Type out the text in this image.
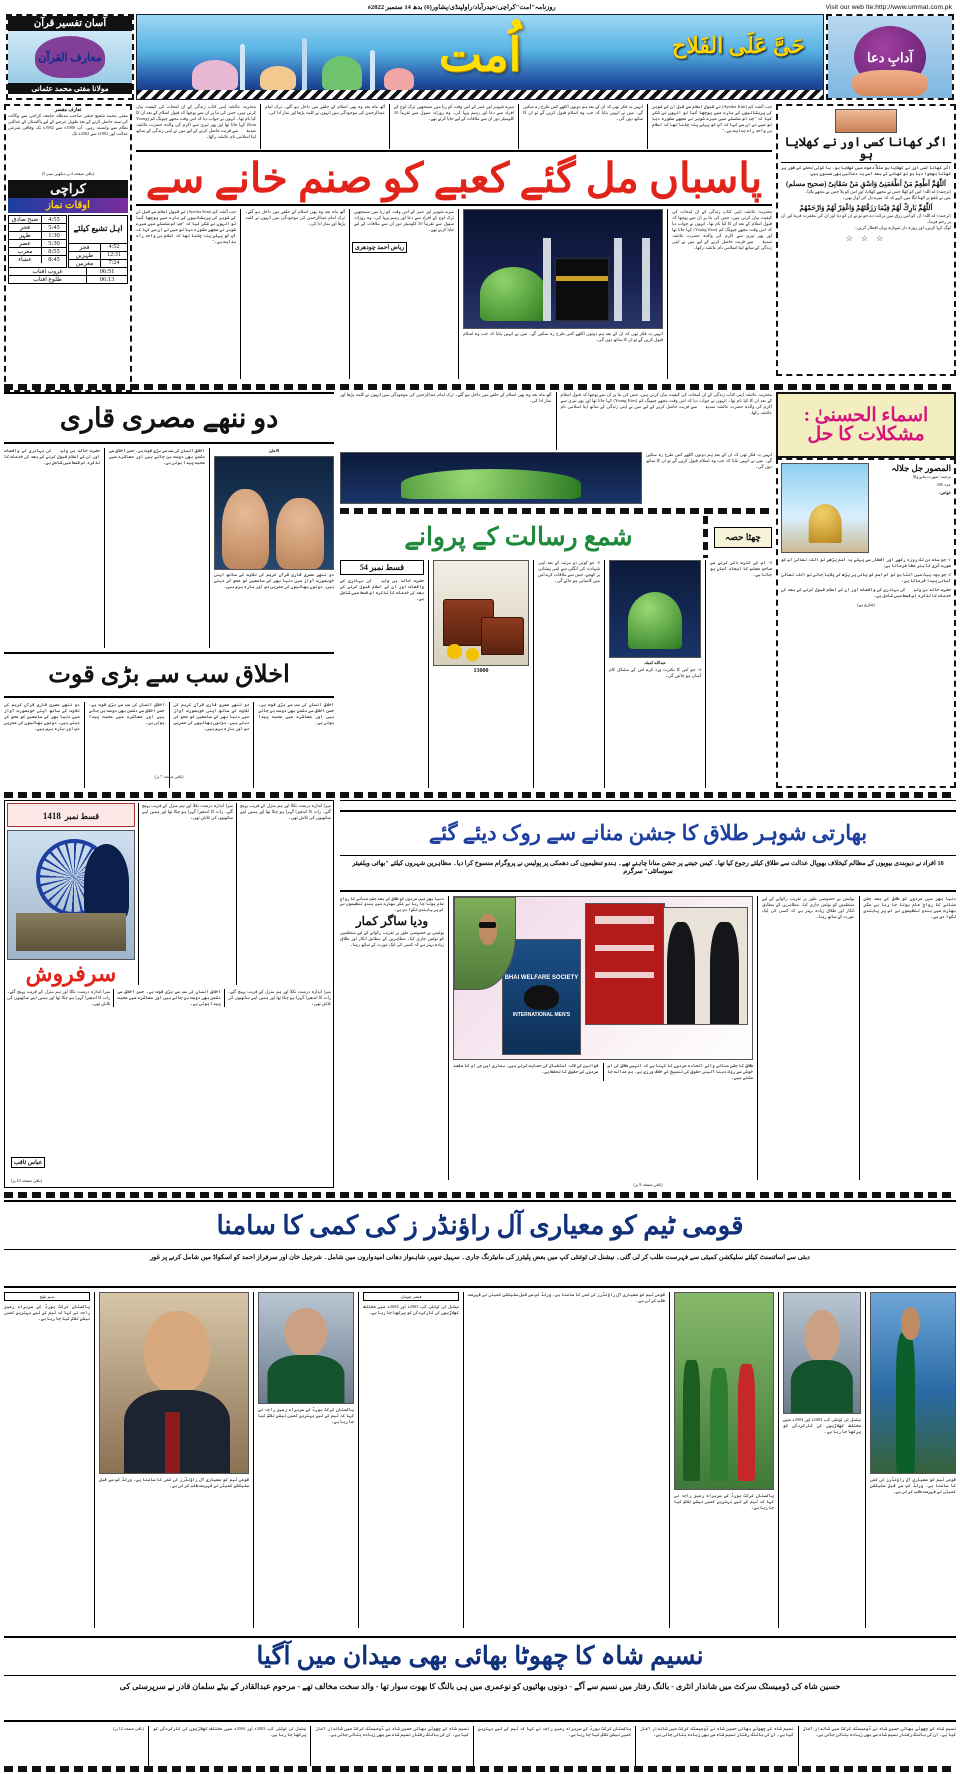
Visit our web Ite:http://www.ummat.com.pk
روزنامہ"امت"کراچی/حیدرآباد/راولپنڈی/پشاور(6) بدھ 14 ستمبر 2022ء
آدابِ دعا
حَیَّ عَلَی الفَلاح
اُمت
آسان تفسیر قرآن
معارف القرآن
مولانا مفتی محمد عثمانی
تعارف مفسر
مفتی محمد شفیع حنفی صاحب مدظلہ جامعہ کراچی سے وکالت کی سند حاصل کرنے کے بعد طویل عرصے کے لیے پاکستان کے عدالتی نظام سے وابستہ رہے۔ آپ 1980ء سے 1982ء تک وفاقی شرعی عدالت اور 1982ء سے 2002ء تک
(باقی صفحہ 4 پر دیکھیں نمبر 5)
کراچی
اوقات نماز
اہل تشیع کیلئے
4:52
فجر
12:31
ظہرین
7:24
مغربین
4:55
صبح صادق
5:45
فجر
1:30
ظہر
5:30
عصر
8:55
مغرب
8:45
عشاء
06:51
غروب آفتاب
06:13
طلوع آفتاب
اگر کھانا کسی اور نے کھلایا ہو
اگر کھانا کسی اور نے کھلایا ہو مثلاً دعوت میں کھلایا ہو، یا کوئی تحفے کے طور پر کھانا بھجوا دیا ہو تو کھانے کے بعد اسے یہ دعائیں بھی مسنون ہیں:
اَللّٰهُمَّ اَطْعِمْ مَنْ اَطْعَمَنِیْ وَاسْقِ مَنْ سَقَانِیْ (صحیح مسلم)
(ترجمہ) اے اللہ! اس کو کھلا جس نے مجھے کھلایا، اور اس کو پلا جس نے مجھے پلایا۔
میں نے بلقع پر اٹھنا لگا میں کہے کہ کہ میرے دل کی آواز بھی۔
اَللّٰهُمَّ بَارِكْ لَهُمْ فِيْمَا رَزَقْتَهُمْ وَاغْفِرْ لَهُمْ وَارْحَمْهُمْ
(ترجمہ) اے اللہ! ان کو اس رزق میں برکت دے جو تو نے ان کو دیا اور ان کی مغفرت فرما اور ان پر رحم فرما۔
لوگ کہا کریں، اور روزہ دار تمہارے یہاں افطار کریں۔
☆ ☆ ☆
جب آئشہ کم (Ayesha Kim) نے قبول اسلام سے قبل ان کے شوہر کی پریشانیوں کے بارے میں پوچھا گیا تو انہوں نے شکر کیا کہ "جب اس سلسلے میں میرے شوہر نے مجھے مشورہ دیا تو میں نے ان سے کہا کہ آپ کو پہلے پتہ چلنا تھا کہ اسلام ہی واحد راہ ہدایت ہے۔"
انہیں یہ فکر تھی کہ ان کے بعد ہم دونوں اکٹھے کس طرح رہ سکیں گے۔ میں نے انہیں بتایا کہ جب وہ اسلام قبول کریں گے تو ان کا ساتھ دوں گی۔
میرے شوہر اور عمر کے اس وقت کو ریا میں سمجھیں ترک لوح کے افراد سے دعا اور رسم پیہا کی۔ وہ روزانہ سیول سے تقریباً 20 کلومیٹر دور ان سے ملاقات کے لیے جایا کرتے تھے۔
آٹھ ماہ بعد وہ بھی اسلام کے حلقے میں داخل ہو گئے۔ ترک امام عبدالرحمن کی موجودگی میں انہوں نے کلمہ پڑھا اور نماز ادا کی۔
محترمہ عائشہ اپنی کتاب زندگی کے ان لمحات کی کیفیت بیان کرتی ہیں، جس کی بنا پر ان سے پوچھا کہ قبول اسلام کے بعد ان کا کیا نام تھا۔ انہوں نے جواب دیا کہ اس وقت مجھے چیونگ کم (Yoong Kim) کہا جاتا تھا اور پھر تیزی سے اکرم کی والدہ حضرت عائشہ صدیقہؓ سے قربت حاصل کرنے کے لیے میں نے اپنی زندگی کے ساتھ اپنا اسلامی نام عائشہ رکھا۔
پاسباں مل گئے کعبے کو صنم خانے سے
محترمہ عائشہ اپنی کتاب زندگی کے ان لمحات کی کیفیت بیان کرتی ہیں، جس کی بنا پر ان سے پوچھا کہ قبول اسلام کے بعد ان کا کیا نام تھا۔ انہوں نے جواب دیا کہ اس وقت مجھے چیونگ کم (Yoong Kim) کہا جاتا تھا اور پھر تیزی سے اکرم کی والدہ حضرت عائشہ صدیقہؓ سے قربت حاصل کرنے کے لیے میں نے اپنی زندگی کے ساتھ اپنا اسلامی نام عائشہ رکھا۔
انہیں یہ فکر تھی کہ ان کے بعد ہم دونوں اکٹھے کس طرح رہ سکیں گے۔ میں نے انہیں بتایا کہ جب وہ اسلام قبول کریں گے تو ان کا ساتھ دوں گی۔
میرے شوہر اور عمر کے اس وقت کو ریا میں سمجھیں ترک لوح کے افراد سے دعا اور رسم پیہا کی۔ وہ روزانہ سیول سے تقریباً 20 کلومیٹر دور ان سے ملاقات کے لیے جایا کرتے تھے۔
آٹھ ماہ بعد وہ بھی اسلام کے حلقے میں داخل ہو گئے۔ ترک امام عبدالرحمن کی موجودگی میں انہوں نے کلمہ پڑھا اور نماز ادا کی۔
جب آئشہ کم (Ayesha Kim) نے قبول اسلام سے قبل ان کے شوہر کی پریشانیوں کے بارے میں پوچھا گیا تو انہوں نے شکر کیا کہ "جب اس سلسلے میں میرے شوہر نے مجھے مشورہ دیا تو میں نے ان سے کہا کہ آپ کو پہلے پتہ چلنا تھا کہ اسلام ہی واحد راہ ہدایت ہے۔"
ریاض احمد چودھری
اسماء الحسنیٰ : مشکلات کا حل
المصور جل جلالہ
ترجمہ: صورت بنانے والا
عدد: 336
خواص:
1- جو سات دن تک روزہ رکھے اور افطار سے پہلے یہ اسم پڑھے تو اللہ تعالیٰ اس کو صورت گری کا ہنر عطا فرماتا ہے۔
2- جو بچہ پیٹ میں الٹا ہو تو اس اسم کو پانی پر پڑھ کر پلایا جائے تو اللہ تعالیٰ آسانی پیدا فرماتا ہے۔
حضرت خالد بن ولیدؓ کی بہادری کے واقعات اور ان کے اسلام قبول کرنے کے بعد کی خدمات کا تذکرہ اس قسط میں شامل ہے۔
(جاری ہے)
دو ننھے مصری قاری
الاعلیٰ
دو ننھے مصری قاری قرآن کریم کی تلاوت کے ساتھ اپنی خوبصورت آواز میں دنیا بھر کے سامعین کو محو کر دیتے ہیں۔ دونوں بھائیوں کی عمریں دس اور بارہ برس ہیں۔
اخلاق انسان کی سب سے بڑی قوت ہے۔ حسن اخلاق سے دشمن بھی دوست بن جاتے ہیں اور معاشرے میں محبت پیدا ہوتی ہے۔
حضرت خالد بن ولیدؓ کی بہادری کے واقعات اور ان کے اسلام قبول کرنے کے بعد کی خدمات کا تذکرہ اس قسط میں شامل ہے۔
محترمہ عائشہ اپنی کتاب زندگی کے ان لمحات کی کیفیت بیان کرتی ہیں، جس کی بنا پر ان سے پوچھا کہ قبول اسلام کے بعد ان کا کیا نام تھا۔ انہوں نے جواب دیا کہ اس وقت مجھے چیونگ کم (Yoong Kim) کہا جاتا تھا اور پھر تیزی سے اکرم کی والدہ حضرت عائشہ صدیقہؓ سے قربت حاصل کرنے کے لیے میں نے اپنی زندگی کے ساتھ اپنا اسلامی نام عائشہ رکھا۔
آٹھ ماہ بعد وہ بھی اسلام کے حلقے میں داخل ہو گئے۔ ترک امام عبدالرحمن کی موجودگی میں انہوں نے کلمہ پڑھا اور نماز ادا کی۔
انہیں یہ فکر تھی کہ ان کے بعد ہم دونوں اکٹھے کس طرح رہ سکیں گے۔ میں نے انہیں بتایا کہ جب وہ اسلام قبول کریں گے تو ان کا ساتھ دوں گی۔
چھٹا حصہ
شمع رسالت کے پروانے
3- اس کے کثرت ذکر کرنے سے صاحبِ مجلس کا ایجاد آسان ہو جاتا ہے۔
عبدالله کمبلہ
4- جو اس کا بکثرت ورد کرے اس کے مشکل کام آسان ہو جائیں گی۔
5- جو کوئی دو مرتبہ کے بعد اپنی شہادت کی انگلی سے اپنی پیشانی پر کھجے، جس سے ملاقات کرے اس میں کامیابی ہو جائے گی۔
13000
قسط نمبر 54
حضرت خالد بن ولیدؓ کی بہادری کے واقعات اور ان کے اسلام قبول کرنے کے بعد کی خدمات کا تذکرہ اس قسط میں شامل ہے۔
اخلاق سب سے بڑی قوت
اخلاق انسان کی سب سے بڑی قوت ہے۔ حسن اخلاق سے دشمن بھی دوست بن جاتے ہیں اور معاشرے میں محبت پیدا ہوتی ہے۔
دو ننھے مصری قاری قرآن کریم کی تلاوت کے ساتھ اپنی خوبصورت آواز میں دنیا بھر کے سامعین کو محو کر دیتے ہیں۔ دونوں بھائیوں کی عمریں دس اور بارہ برس ہیں۔
اخلاق انسان کی سب سے بڑی قوت ہے۔ حسن اخلاق سے دشمن بھی دوست بن جاتے ہیں اور معاشرے میں محبت پیدا ہوتی ہے۔
دو ننھے مصری قاری قرآن کریم کی تلاوت کے ساتھ اپنی خوبصورت آواز میں دنیا بھر کے سامعین کو محو کر دیتے ہیں۔ دونوں بھائیوں کی عمریں دس اور بارہ برس ہیں۔
(باقی صفحہ 7 پر)
بھارتی شوہر طلاق کا جشن منانے سے روک دیئے گئے
18 افراد نے دیوبندی بیویوں کے مظالم کیخلاف بھوپال عدالت سے طلاق کیلئے رجوع کیا تھا۔ کیس جیتنے پر جشن منانا چاہتے تھے۔ ہندو تنظیموں کی دھمکی پر پولیس نے پروگرام منسوخ کرا دیا۔ مظاہرین شہروں کیلئے "بھائی ویلفیئر سوسائٹی" سرگرم
دنیا بھر میں مردوں کو طلاق کے بعد جشن منانے کا رواج عام ہوتا جا رہا ہے مگر بھارت میں ہندو تنظیموں نے اس پر پابندی لگوا دی ہے۔
پولیس نے خصوصی طور پر تقریب رکوانے کے لیے منتظمین کو نوٹس جاری کیا۔ مظاہرین کے مطابق انکار اور طلاق زیادہ بہتر ہے کہ کسی کی ایک عورت کے ساتھ رہنا۔
BHAI WELFARE SOCIETY
INTERNATIONAL MEN'S
طلاق کا جشن منانے والے الحادہ مردوں کا کہنا ہے کہ انہیں طلاق کی اس خوشی سے روک دینا آئینی حقوق کی تنسیخ کے خلاف ورزی ہے۔ ہم عدالت جا سکتے ہیں۔
قوانین کے لالہ استقبال کی حمایت کرتے ہیں۔ ہماری این جی او کا مقصد مردوں کے حقوق کا تحفظ ہے۔
دنیا بھر میں مردوں کو طلاق کے بعد جشن منانے کا رواج عام ہوتا جا رہا ہے مگر بھارت میں ہندو تنظیموں نے اس پر پابندی لگوا دی ہے۔
ودیا ساگر کمار
پولیس نے خصوصی طور پر تقریب رکوانے کے لیے منتظمین کو نوٹس جاری کیا۔ مظاہرین کے مطابق انکار اور طلاق زیادہ بہتر ہے کہ کسی کی ایک عورت کے ساتھ رہنا۔
(باقی صفحہ 9 پر)
میرا اندازہ درست نکلا اور ہم منزل کے قریب پہنچ گئے۔ رات کا اندھیرا گہرا ہو چکا تھا اور ہمیں اپنے ساتھیوں کی تلاش تھی۔
میرا اندازہ درست نکلا اور ہم منزل کے قریب پہنچ گئے۔ رات کا اندھیرا گہرا ہو چکا تھا اور ہمیں اپنے ساتھیوں کی تلاش تھی۔
قسط نمبر 1418
سرفروش
میرا اندازہ درست نکلا اور ہم منزل کے قریب پہنچ گئے۔ رات کا اندھیرا گہرا ہو چکا تھا اور ہمیں اپنے ساتھیوں کی تلاش تھی۔
اخلاق انسان کی سب سے بڑی قوت ہے۔ حسن اخلاق سے دشمن بھی دوست بن جاتے ہیں اور معاشرے میں محبت پیدا ہوتی ہے۔
میرا اندازہ درست نکلا اور ہم منزل کے قریب پہنچ گئے۔ رات کا اندھیرا گہرا ہو چکا تھا اور ہمیں اپنے ساتھیوں کی تلاش تھی۔
عباس ثاقب
(باقی صفحہ 10 پر)
قومی ٹیم کو معیاری آل راؤنڈر ز کی کمی کا سامنا
دبئی سے اسائنمنٹ کیلئے سلیکشن کمیٹی سے فہرست طلب کر لی گئی۔ نیشنل ٹی ٹوئنٹی کپ میں بعض پلیئرز کی مانیٹرنگ جاری۔ سہیل تنویر، شاہنواز دھانی امیدواروں میں شامل۔ شرجیل خان اور سرفراز احمد کو اسکواڈ میں شامل کرنے پر غور
قومی ٹیم کو معیاری آل راؤنڈرز کی کمی کا سامنا ہے۔ ورلڈ کپ سے قبل سلیکشن کمیٹی نے فہرست طلب کر لی ہے۔
نیشنل ٹی ٹوئنٹی کپ 2003ء اور 2004ء میں مختلف کھلاڑیوں کی کارکردگی کو پرکھا جا رہا ہے۔
پاکستان کرکٹ بورڈ کے سربراہ رمیز راجہ نے کہا کہ ٹیم کے لیے بہترین کمبی نیشن تلاش کیا جا رہا ہے۔
قومی ٹیم کو معیاری آل راؤنڈرز کی کمی کا سامنا ہے۔ ورلڈ کپ سے قبل سلیکشن کمیٹی نے فہرست طلب کر لی ہے۔
قیصر چوہان
نیشنل ٹی ٹوئنٹی کپ 2003ء اور 2004ء میں مختلف کھلاڑیوں کی کارکردگی کو پرکھا جا رہا ہے۔
پاکستان کرکٹ بورڈ کے سربراہ رمیز راجہ نے کہا کہ ٹیم کے لیے بہترین کمبی نیشن تلاش کیا جا رہا ہے۔
قومی ٹیم کو معیاری آل راؤنڈرز کی کمی کا سامنا ہے۔ ورلڈ کپ سے قبل سلیکشن کمیٹی نے فہرست طلب کر لی ہے۔
نديم بلوچ
پاکستان کرکٹ بورڈ کے سربراہ رمیز راجہ نے کہا کہ ٹیم کے لیے بہترین کمبی نیشن تلاش کیا جا رہا ہے۔
نسیم شاہ کا چھوٹا بھائی بھی میدان میں آگیا
حسین شاہ کی ڈومیسٹک سرکٹ میں شاندار انٹری - بالنگ رفتار میں نسیم سے آگے - دونوں بھائیوں کو نوعمری میں ہی بالنگ کا بھوت سوار تھا - والد سخت مخالف تھے - مرحوم عبدالقادر کے بیٹے سلمان قادر نے سرپرستی کی
نسیم شاہ کے چھوٹے بھائی حسین شاہ نے ڈومیسٹک کرکٹ میں شاندار آغاز کیا ہے۔ ان کی بالنگ رفتار نسیم شاہ سے بھی زیادہ بتائی جاتی ہے۔
نسیم شاہ کے چھوٹے بھائی حسین شاہ نے ڈومیسٹک کرکٹ میں شاندار آغاز کیا ہے۔ ان کی بالنگ رفتار نسیم شاہ سے بھی زیادہ بتائی جاتی ہے۔
پاکستان کرکٹ بورڈ کے سربراہ رمیز راجہ نے کہا کہ ٹیم کے لیے بہترین کمبی نیشن تلاش کیا جا رہا ہے۔
نسیم شاہ کے چھوٹے بھائی حسین شاہ نے ڈومیسٹک کرکٹ میں شاندار آغاز کیا ہے۔ ان کی بالنگ رفتار نسیم شاہ سے بھی زیادہ بتائی جاتی ہے۔
نیشنل ٹی ٹوئنٹی کپ 2003ء اور 2004ء میں مختلف کھلاڑیوں کی کارکردگی کو پرکھا جا رہا ہے۔
(باقی صفحہ 12 پر)
